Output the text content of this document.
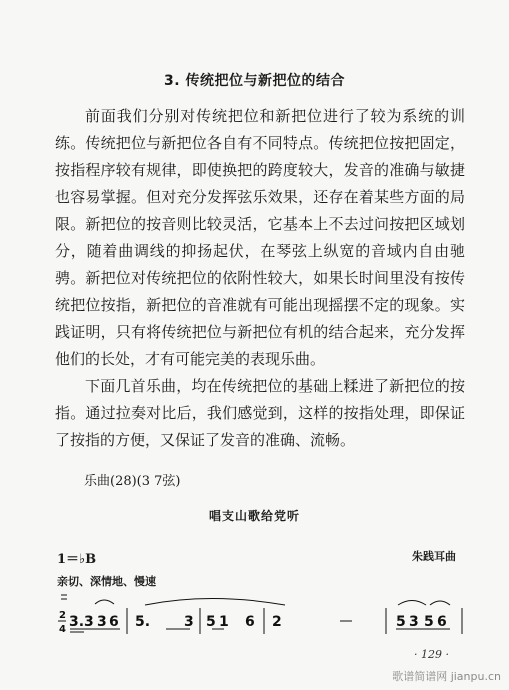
3. 传统把位与新把位的结合

前面我们分别对传统把位和新把位进行了较为系统的训练。传统把位与新把位各自有不同特点。传统把位按把固定，按指程序较有规律，即使换把的跨度较大，发音的准确与敏捷也容易掌握。但对充分发挥弦乐效果，还存在着某些方面的局限。新把位的按音则比较灵活，它基本上不去过问按把区域划分，随着曲调线的抑扬起伏，在琴弦上纵宽的音域内自由驰骋。新把位对传统把位的依附性较大，如果长时间里没有按传统把位按指，新把位的音准就有可能出现摇摆不定的现象。实践证明，只有将传统把位与新把位有机的结合起来，充分发挥他们的长处，才有可能完美的表现乐曲。

下面几首乐曲，均在传统把位的基础上糅进了新把位的按指。通过拉奏对比后，我们感觉到，这样的按指处理，即保证了按指的方便，又保证了发音的准确、流畅。

乐曲(28)(3 7弦)
唱支山歌给党听
1＝♭B	朱践耳曲
亲切、深情地、慢速
2
4 3. 3 3 6 5. 3 5 1 6 2	5 3 5 6
· 129 ·
歌谱简谱网 jianpu.cn
